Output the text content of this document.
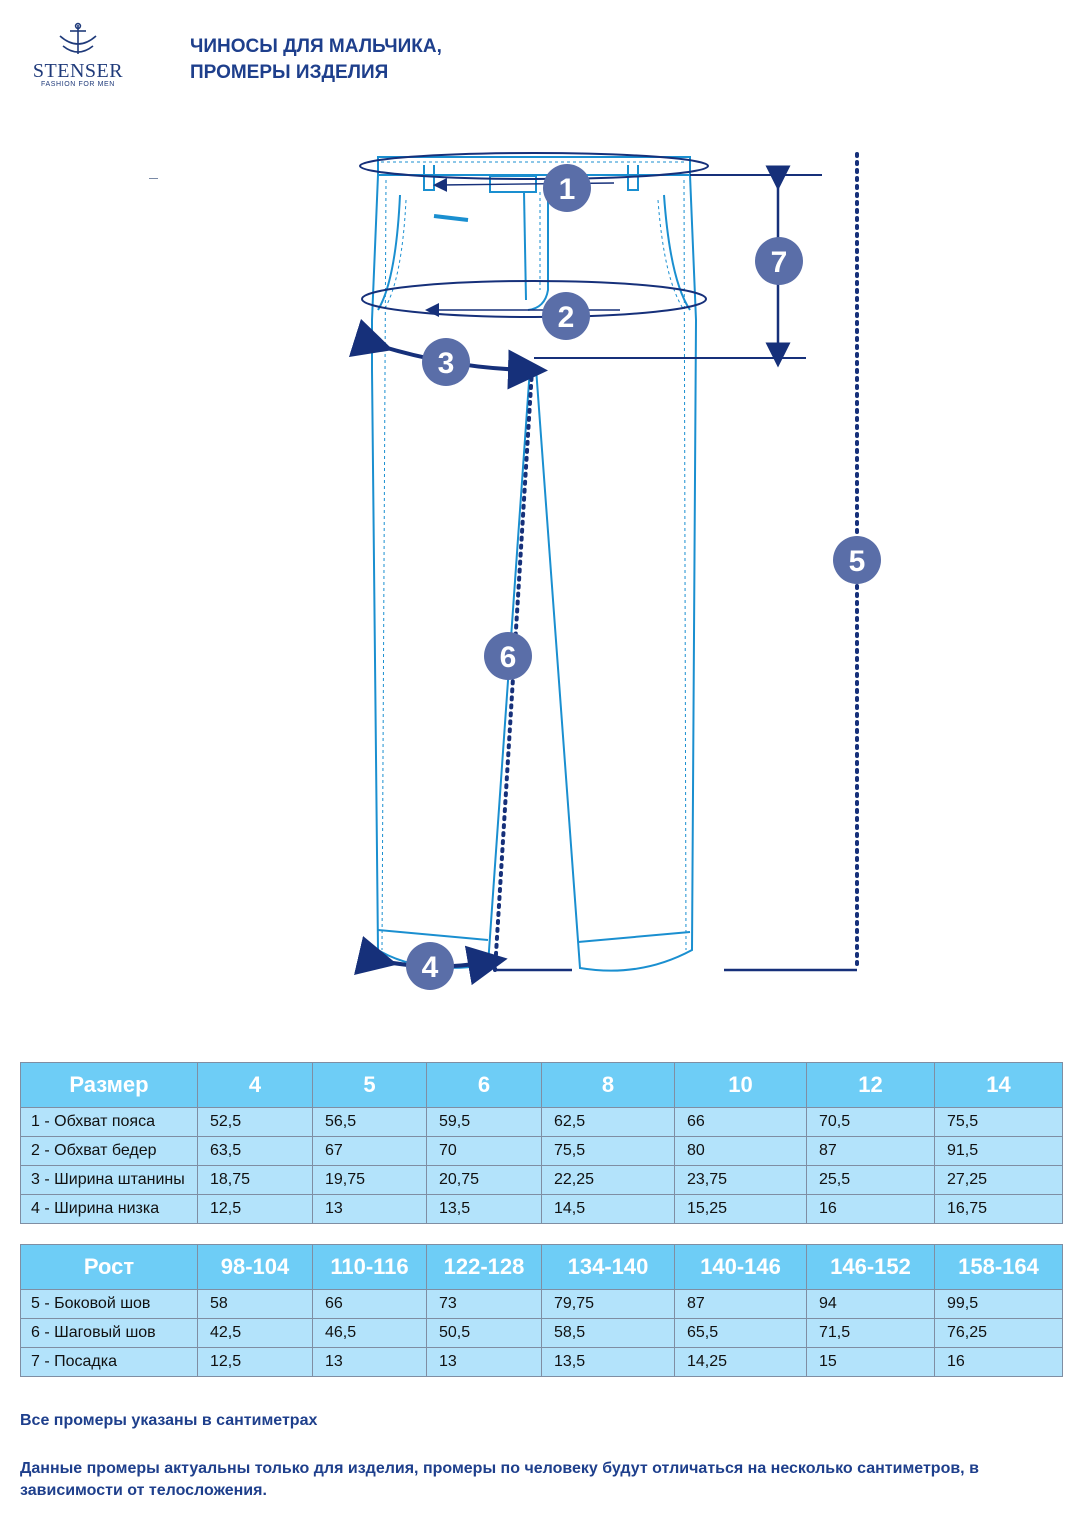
STENSER
FASHION FOR MEN
ЧИНОСЫ ДЛЯ МАЛЬЧИКА,
ПРОМЕРЫ ИЗДЕЛИЯ
1
2
3
4
5
6
7
Размер	4	5	6	8	10	12	14
1 - Обхват пояса	52,5	56,5	59,5	62,5	66	70,5	75,5
2 - Обхват бедер	63,5	67	70	75,5	80	87	91,5
3 - Ширина штанины	18,75	19,75	20,75	22,25	23,75	25,5	27,25
4 - Ширина низка	12,5	13	13,5	14,5	15,25	16	16,75
Рост	98-104	110-116	122-128	134-140	140-146	146-152	158-164
5 - Боковой шов	58	66	73	79,75	87	94	99,5
6 - Шаговый шов	42,5	46,5	50,5	58,5	65,5	71,5	76,25
7 - Посадка	12,5	13	13	13,5	14,25	15	16
Все промеры указаны в сантиметрах
Данные промеры актуальны только для изделия, промеры по человеку будут отличаться на несколько сантиметров, в зависимости от телосложения.
